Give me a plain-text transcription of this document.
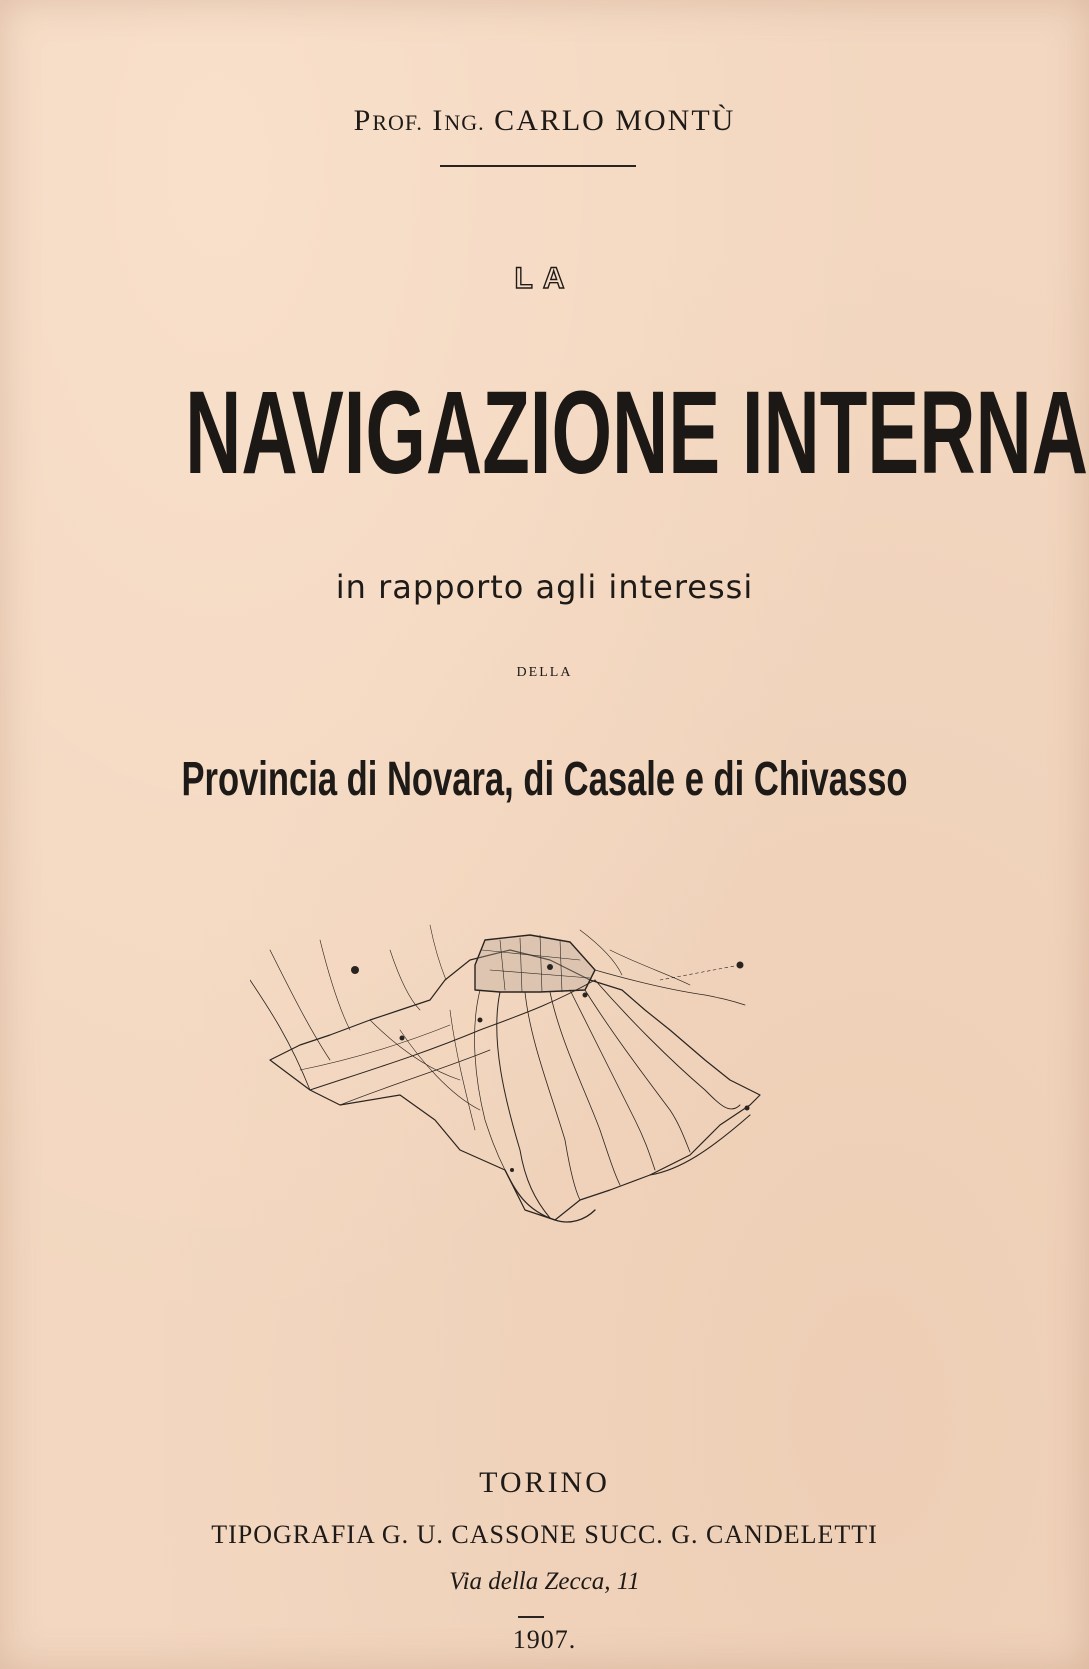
PROF. ING. CARLO MONTÙ
LA
NAVIGAZIONE INTERNA
in rapporto agli interessi
DELLA
Provincia di Novara, di Casale e di Chivasso
TORINO
TIPOGRAFIA G. U. CASSONE SUCC. G. CANDELETTI
Via della Zecca, 11
1907.
